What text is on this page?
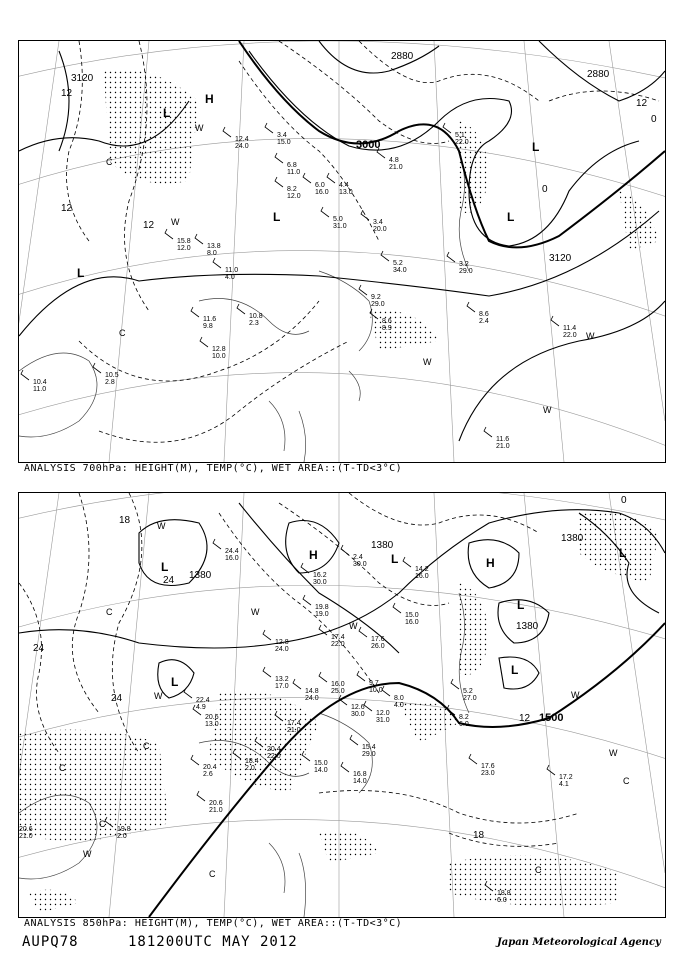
3120
2880
2880
3000
3120
12
12
12
0
0
12
H
L
L
L
L
L
W
W
W
W
W
C
C
12.4
24.0
3.4
15.0
6.8
11.0
6.0
16.0
4.4
13.0
8.2
12.0
4.8
21.0
5.1
22.0
5.0
31.0
3.4
20.0
15.8
12.0 13.8
8.0
11.0
4.0
9.2
29.0
8.6
2.4
8.6
8.9
11.6
9.8
12.8
10.0
10.8
2.3
10.5
2.8
10.4
11.0
11.4
22.0
11.6
21.0
3.2
29.0
5.2
34.0
ANALYSIS 700hPa: HEIGHT(M), TEMP(°C), WET AREA::(T-TD<3°C)
1380
1380
1380
1380
1500
18
24
24
24
12
18
0
H
H
L
L
L
L
L
L
W
W
W
W
W
W
W
C
C
C
C
C	C
C
24.4
16.0	2.4
30.0
16.2
30.0
14.2
16.0
19.8
19.0	15.0
16.0
17.4
22.0
17.6
26.0
12.8
24.0
13.2
17.0
14.8
24.0
16.0
25.0
9.7
10.0
8.0
4.0
12.6
30.0 12.0
31.0
5.2
27.0
8.2
6.0
22.4
4.9
20.6
13.0	17.4
21.0
20.4
22.0
18.4
2.0
15.0
14.0
15.4
29.0
16.8
14.0
20.4
2.6
17.6
23.0
17.2
4.1
20.6
21.0
19.8
2.0
20.6
21.0
18.8
6.0
ANALYSIS 850hPa: HEIGHT(M), TEMP(°C), WET AREA::(T-TD<3°C)
AUPQ78	181200UTC MAY 2012	Japan Meteorological Agency
